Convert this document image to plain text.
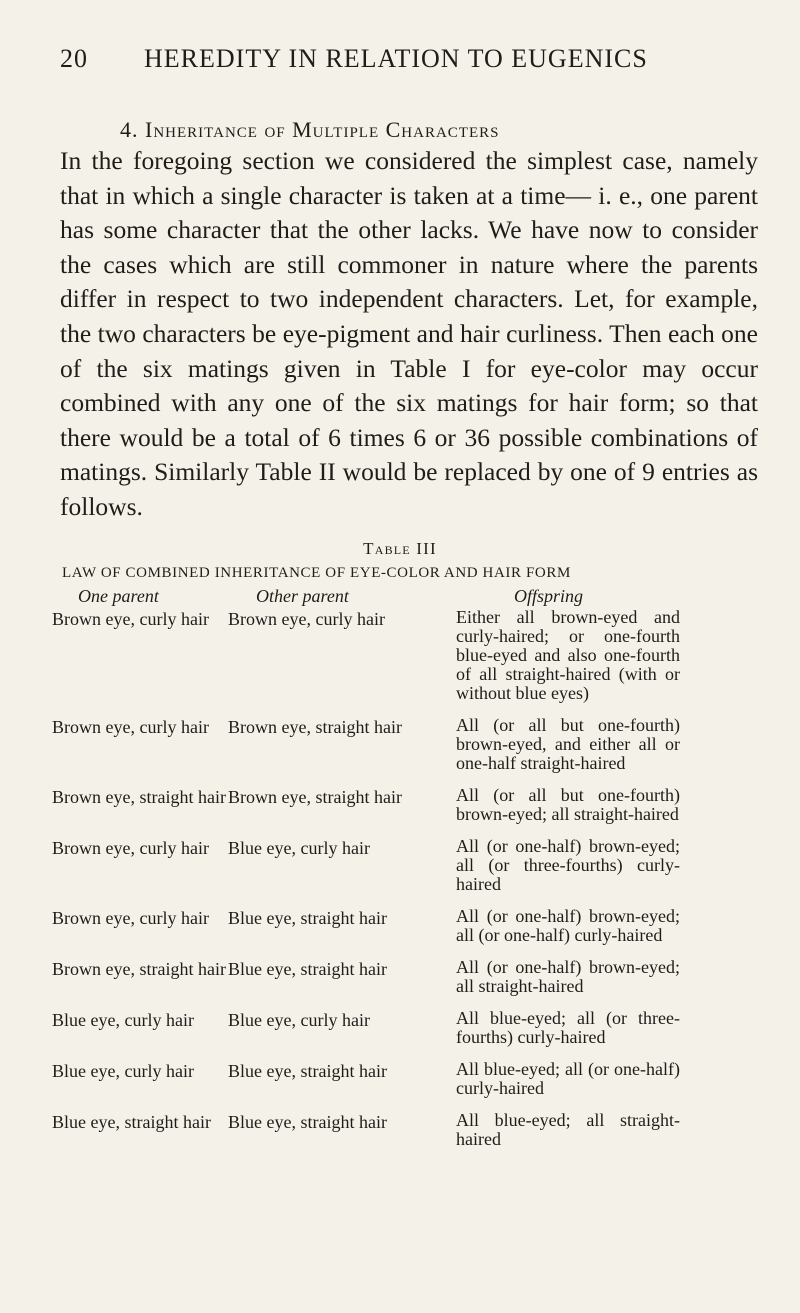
20 HEREDITY IN RELATION TO EUGENICS
4. Inheritance of Multiple Characters

In the foregoing section we considered the simplest case, namely that in which a single character is taken at a time— i. e., one parent has some character that the other lacks. We have now to consider the cases which are still commoner in nature where the parents differ in respect to two independent characters. Let, for example, the two characters be eye-pigment and hair curliness. Then each one of the six matings given in Table I for eye-color may occur combined with any one of the six matings for hair form; so that there would be a total of 6 times 6 or 36 possible combinations of matings. Similarly Table II would be replaced by one of 9 entries as follows.

Table III
LAW OF COMBINED INHERITANCE OF EYE-COLOR AND HAIR FORM
One parent	Other parent	Offspring
Brown eye, curly hair	Brown eye, curly hair	Either all brown-eyed and curly-haired; or one-fourth blue-eyed and also one-fourth of all straight-haired (with or without blue eyes)
Brown eye, curly hair	Brown eye, straight hair	All (or all but one-fourth) brown-eyed, and either all or one-half straight-haired
Brown eye, straight hair Brown eye, straight hair	All (or all but one-fourth) brown-eyed; all straight-haired
Brown eye, curly hair	Blue eye, curly hair	All (or one-half) brown-eyed; all (or three-fourths) curly-haired
Brown eye, curly hair	Blue eye, straight hair	All (or one-half) brown-eyed; all (or one-half) curly-haired
Brown eye, straight hair Blue eye, straight hair	All (or one-half) brown-eyed; all straight-haired
Blue eye, curly hair	Blue eye, curly hair	All blue-eyed; all (or three-fourths) curly-haired
Blue eye, curly hair	Blue eye, straight hair	All blue-eyed; all (or one-half) curly-haired
Blue eye, straight hair Blue eye, straight hair	All blue-eyed; all straight-haired
